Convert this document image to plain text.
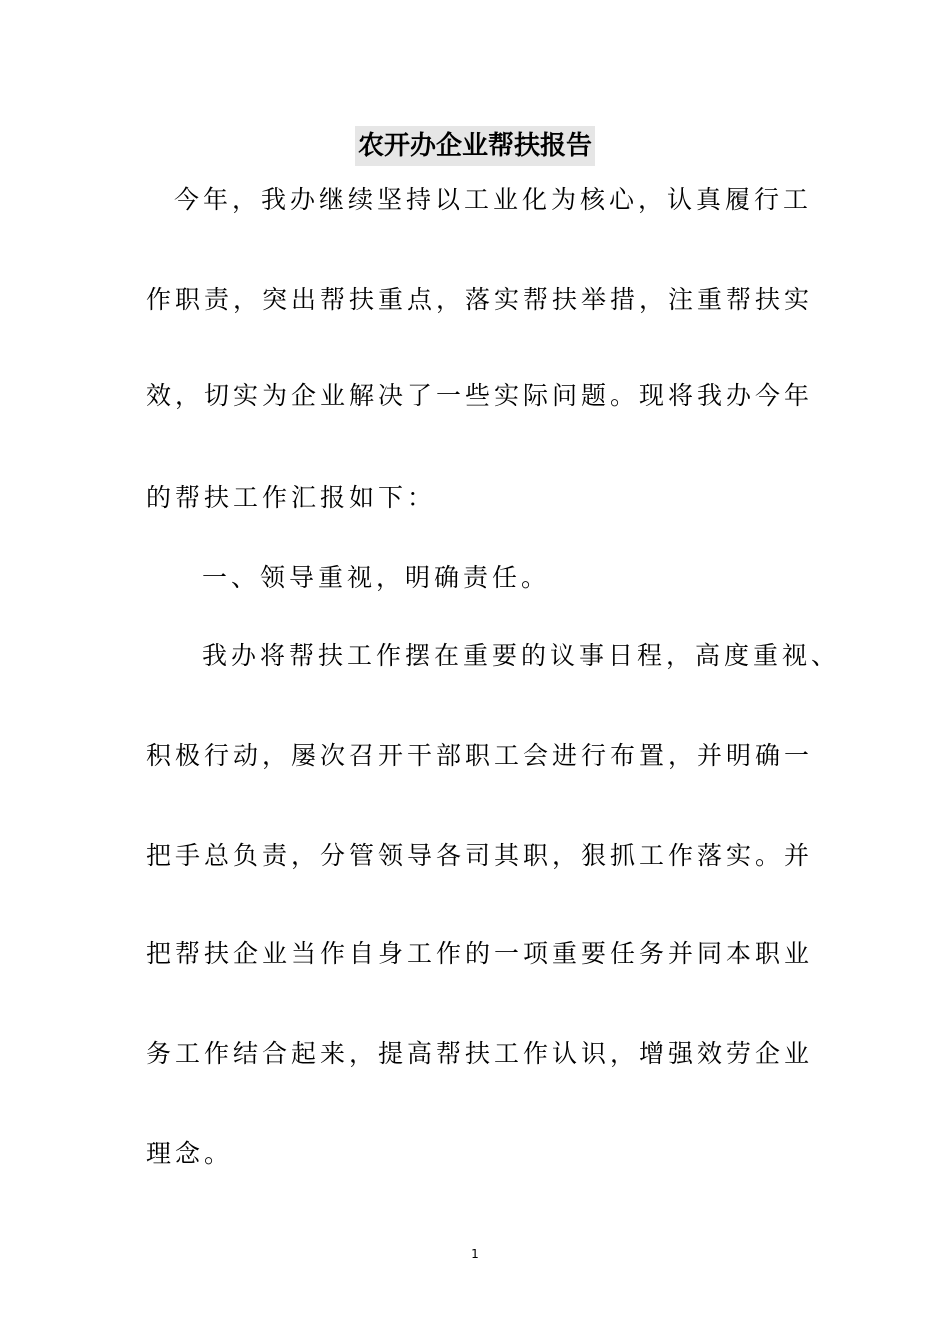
农开办企业帮扶报告
今年，我办继续坚持以工业化为核心，认真履行工
作职责，突出帮扶重点，落实帮扶举措，注重帮扶实
效，切实为企业解决了一些实际问题。现将我办今年
的帮扶工作汇报如下：
一、领导重视，明确责任。
我办将帮扶工作摆在重要的议事日程，高度重视、
积极行动，屡次召开干部职工会进行布置，并明确一
把手总负责，分管领导各司其职，狠抓工作落实。并
把帮扶企业当作自身工作的一项重要任务并同本职业
务工作结合起来，提高帮扶工作认识，增强效劳企业
理念。
1
